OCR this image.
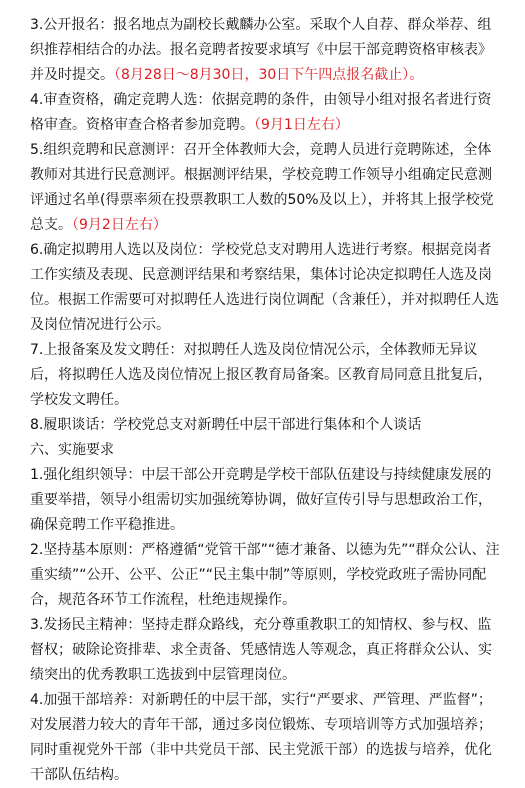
3.公开报名：报名地点为副校长戴麟办公室。采取个人自荐、群众举荐、组织推荐相结合的办法。报名竞聘者按要求填写《中层干部竞聘资格审核表》并及时提交。（8月28日～8月30日，30日下午四点报名截止）。

4.审查资格，确定竞聘人选：依据竞聘的条件，由领导小组对报名者进行资格审查。资格审查合格者参加竞聘。（9月1日左右）

5.组织竞聘和民意测评：召开全体教师大会，竞聘人员进行竞聘陈述，全体教师对其进行民意测评。根据测评结果，学校竞聘工作领导小组确定民意测评通过名单(得票率须在投票教职工人数的50%及以上），并将其上报学校党总支。（9月2日左右）

6.确定拟聘用人选以及岗位：学校党总支对聘用人选进行考察。根据竞岗者工作实绩及表现、民意测评结果和考察结果，集体讨论决定拟聘任人选及岗位。根据工作需要可对拟聘任人选进行岗位调配（含兼任），并对拟聘任人选及岗位情况进行公示。

7.上报备案及发文聘任：对拟聘任人选及岗位情况公示，全体教师无异议后，将拟聘任人选及岗位情况上报区教育局备案。区教育局同意且批复后，学校发文聘任。

8.履职谈话：学校党总支对新聘任中层干部进行集体和个人谈话

六、实施要求

1.强化组织领导：中层干部公开竞聘是学校干部队伍建设与持续健康发展的重要举措，领导小组需切实加强统筹协调，做好宣传引导与思想政治工作，确保竞聘工作平稳推进。

2.坚持基本原则：严格遵循“党管干部”“德才兼备、以德为先”“群众公认、注重实绩”“公开、公平、公正”“民主集中制”等原则，学校党政班子需协同配合，规范各环节工作流程，杜绝违规操作。

3.发扬民主精神：坚持走群众路线，充分尊重教职工的知情权、参与权、监督权；破除论资排辈、求全责备、凭感情选人等观念，真正将群众公认、实绩突出的优秀教职工选拔到中层管理岗位。

4.加强干部培养：对新聘任的中层干部，实行“严要求、严管理、严监督”；对发展潜力较大的青年干部，通过多岗位锻炼、专项培训等方式加强培养；同时重视党外干部（非中共党员干部、民主党派干部）的选拔与培养，优化干部队伍结构。
